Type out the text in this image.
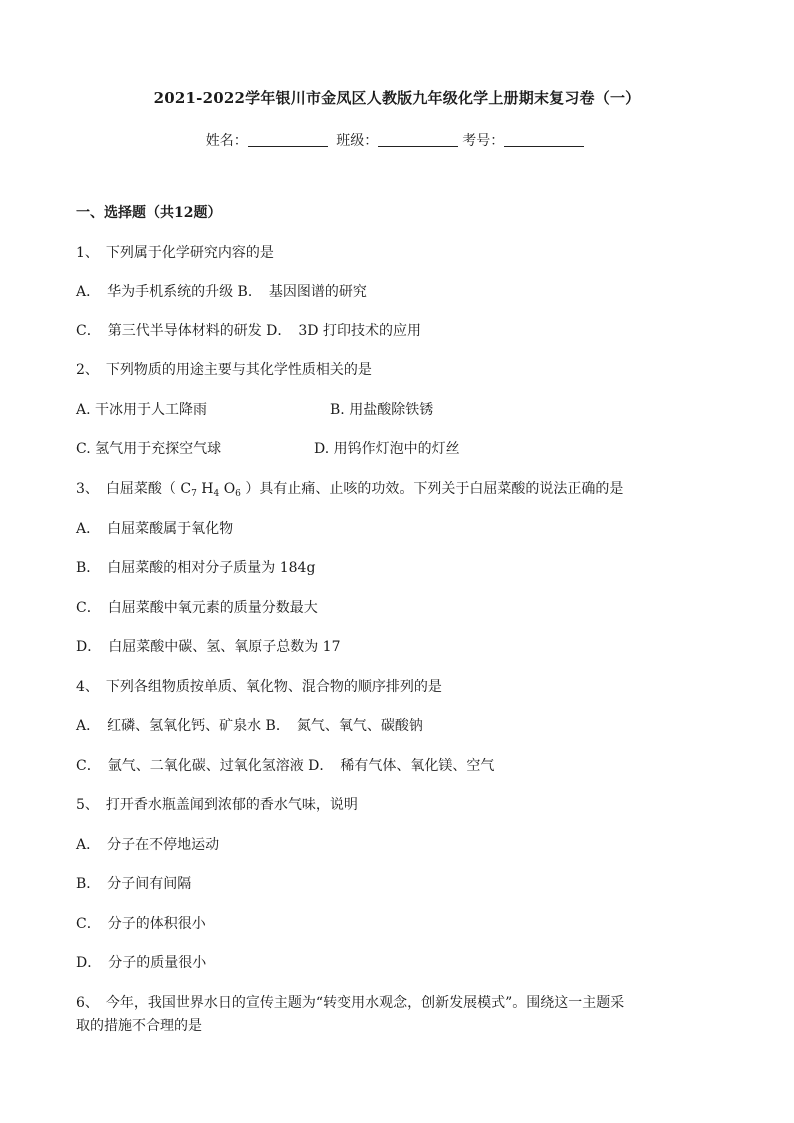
2021-2022学年银川市金凤区人教版九年级化学上册期末复习卷（一）
姓名：	班级：	考号：
一、选择题（共12题）
1、　下列属于化学研究内容的是
A．　华为手机系统的升级 B．　基因图谱的研究
C．　第三代半导体材料的研发 D．　3D 打印技术的应用
2、　下列物质的用途主要与其化学性质相关的是
A. 干冰用于人工降雨	B. 用盐酸除铁锈
C. 氢气用于充探空气球	D. 用钨作灯泡中的灯丝
3、　白屈菜酸（ $C_7$ $H_4$ $O_6$ ）具有止痛、止咳的功效。下列关于白屈菜酸的说法正确的是
A．　白屈菜酸属于氧化物
B．　白屈菜酸的相对分子质量为 184g
C．　白屈菜酸中氧元素的质量分数最大
D．　白屈菜酸中碳、氢、氧原子总数为 17
4、　下列各组物质按单质、氧化物、混合物的顺序排列的是
A．　红磷、氢氧化钙、矿泉水 B．　氮气、氧气、碳酸钠
C．　氩气、二氧化碳、过氧化氢溶液 D．　稀有气体、氧化镁、空气
5、　打开香水瓶盖闻到浓郁的香水气味，说明
A．　分子在不停地运动
B．　分子间有间隔
C．　分子的体积很小
D．　分子的质量很小
6、　今年，我国世界水日的宣传主题为“转变用水观念，创新发展模式”。围绕这一主题采
取的措施不合理的是
